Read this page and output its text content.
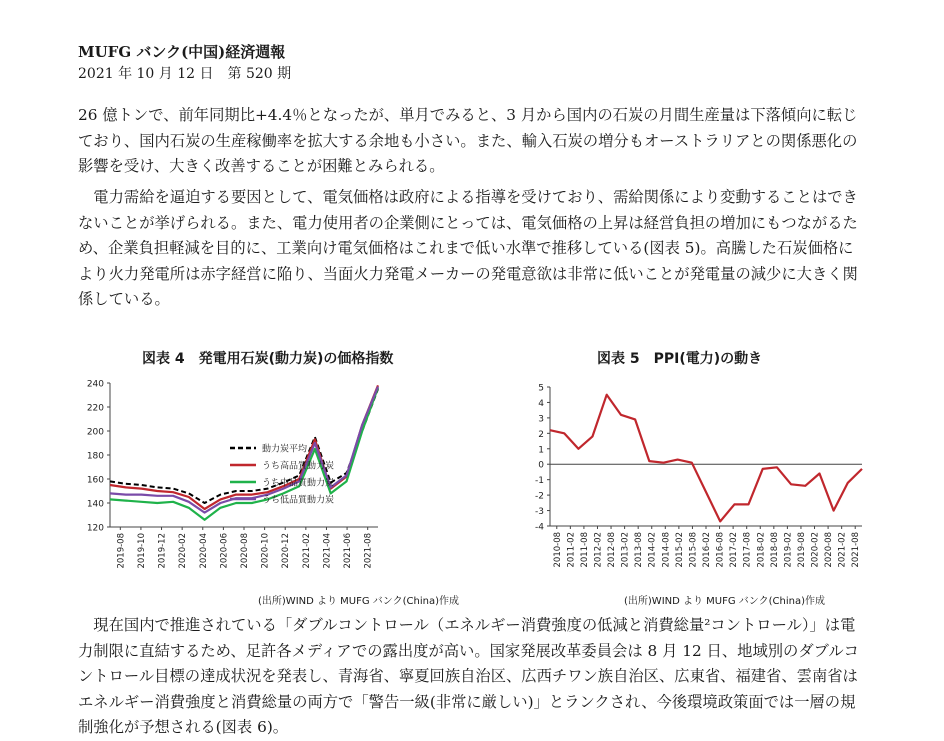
MUFG バンク(中国)経済週報
2021 年 10 月 12 日　第 520 期

26 億トンで、前年同期比+4.4％となったが、単月でみると、3 月から国内の石炭の月間生産量は下落傾向に転じており、国内石炭の生産稼働率を拡大する余地も小さい。また、輸入石炭の増分もオーストラリアとの関係悪化の影響を受け、大きく改善することが困難とみられる。

電力需給を逼迫する要因として、電気価格は政府による指導を受けており、需給関係により変動することはできないことが挙げられる。また、電力使用者の企業側にとっては、電気価格の上昇は経営負担の増加にもつながるため、企業負担軽減を目的に、工業向け電気価格はこれまで低い水準で推移している(図表 5)。高騰した石炭価格により火力発電所は赤字経営に陥り、当面火力発電メーカーの発電意欲は非常に低いことが発電量の減少に大きく関係している。

図表 4　発電用石炭(動力炭)の価格指数	図表 5　PPI(電力)の動き
120
140
160
180
200
220
240
2019-08 2019-10 2019-12 2020-02 2020-04 2020-06 2020-08 2020-10 2020-12 2021-02 2021-04 2021-06 2021-08
動力炭平均
うち高品質動力炭
うち中品質動力炭
うち低品質動力炭
-4
-3
-2
-1
0
1
2
3
4
5
2010-08 2011-02 2011-08 2012-02 2012-08 2013-02 2013-08 2014-02 2014-08 2015-02 2015-08 2016-02 2016-08 2017-02 2017-08 2018-02 2018-08 2019-02 2019-08 2020-02 2020-08 2021-02 2021-08
(出所)WIND より MUFG バンク(China)作成	(出所)WIND より MUFG バンク(China)作成

現在国内で推進されている「ダブルコントロール（エネルギー消費強度の低減と消費総量²コントロール）」は電力制限に直結するため、足許各メディアでの露出度が高い。国家発展改革委員会は 8 月 12 日、地域別のダブルコントロール目標の達成状況を発表し、青海省、寧夏回族自治区、広西チワン族自治区、広東省、福建省、雲南省はエネルギー消費強度と消費総量の両方で「警告一級(非常に厳しい)」とランクされ、今後環境政策面では一層の規制強化が予想される(図表 6)。
